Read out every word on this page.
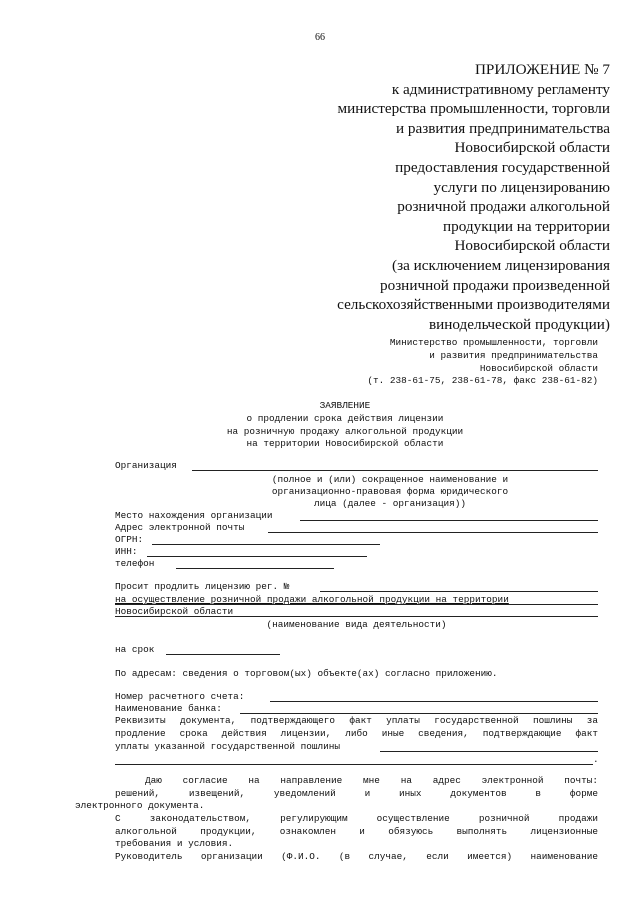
66
ПРИЛОЖЕНИЕ № 7
к административному регламенту
министерства промышленности, торговли
и развития предпринимательства
Новосибирской области
предоставления государственной
услуги по лицензированию
розничной продажи алкогольной
продукции на территории
Новосибирской области
(за исключением лицензирования
розничной продажи произведенной
сельскохозяйственными производителями
винодельческой продукции)
Министерство промышленности, торговли
и развития предпринимательства
Новосибирской области
(т. 238-61-75, 238-61-78, факс 238-61-82)
ЗАЯВЛЕНИЕ
о продлении срока действия лицензии
на розничную продажу алкогольной продукции
на территории Новосибирской области
Организация
(полное и (или) сокращенное наименование и
организационно-правовая форма юридического
лица (далее - организация))
Место нахождения организации
Адрес электронной почты
ОГРН:
ИНН:
телефон
Просит продлить лицензию рег. №
на осуществление розничной продажи алкогольной продукции на территории
Новосибирской области
(наименование вида деятельности)
на срок
По адресам: сведения о торговом(ых) объекте(ах) согласно приложению.
Номер расчетного счета:
Наименование банка:
Реквизиты документа, подтверждающего факт уплаты государственной пошлины за
продление срока действия лицензии, либо иные сведения, подтверждающие факт
уплаты указанной государственной пошлины
.
Даю согласие на направление мне на адрес электронной почты:
решений, извещений, уведомлений и иных документов в форме
электронного документа.
С законодательством, регулирующим осуществление розничной продажи
алкогольной продукции, ознакомлен и обязуюсь выполнять лицензионные
требования и условия.
Руководитель организации (Ф.И.О. (в случае, если имеется) наименование
